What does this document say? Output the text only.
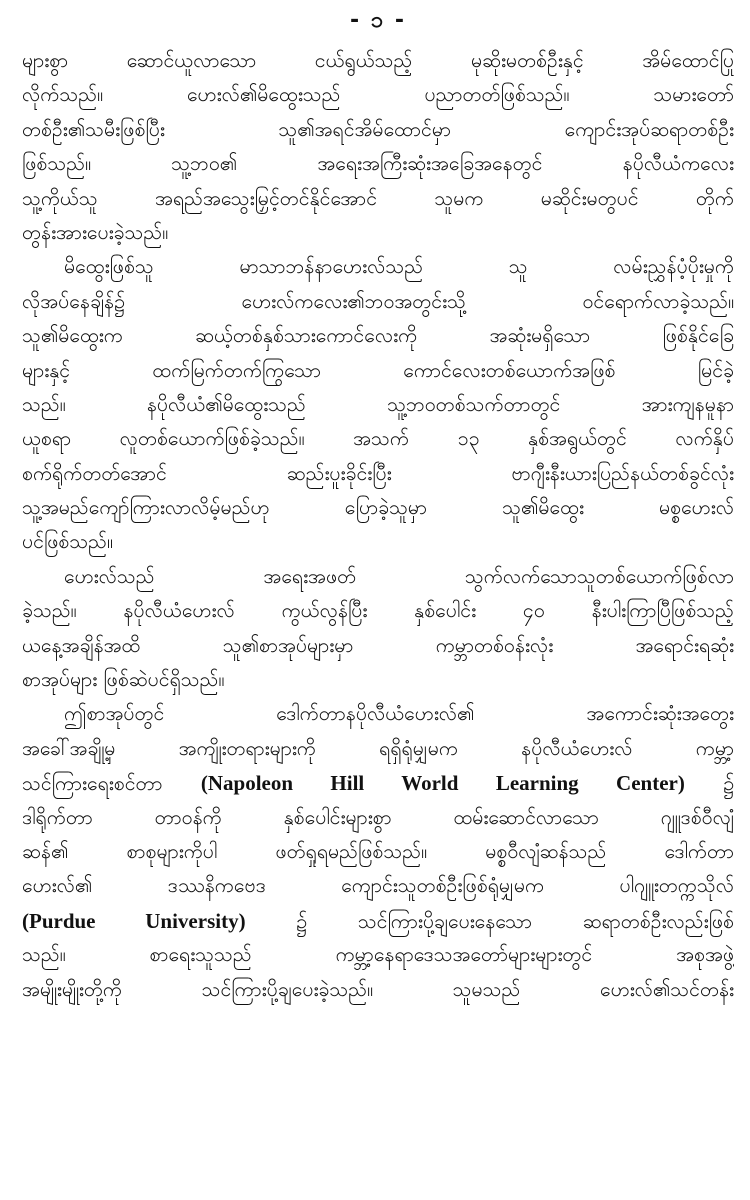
- ၁ -
များစွာ ဆောင်ယူလာသော ငယ်ရွယ်သည့် မုဆိုးမတစ်ဦးနှင့် အိမ်ထောင်ပြု
လိုက်သည်။ ဟေးလ်၏မိထွေးသည် ပညာတတ်ဖြစ်သည်။ သမားတော်
တစ်ဦး၏သမီးဖြစ်ပြီး သူ၏အရင်အိမ်ထောင်မှာ ကျောင်းအုပ်ဆရာတစ်ဦး
ဖြစ်သည်။ သူ့ဘဝ၏ အရေးအကြီးဆုံးအခြေအနေတွင် နပိုလီယံကလေး
သူ့ကိုယ်သူ အရည်အသွေးမြှင့်တင်နိုင်အောင် သူမက မဆိုင်းမတွပင် တိုက်
တွန်းအားပေးခဲ့သည်။
မိထွေးဖြစ်သူ မာသာဘန်နာဟေးလ်သည် သူ လမ်းညွှန်ပံ့ပိုးမှုကို
လိုအပ်နေချိန်၌ ဟေးလ်ကလေး၏ဘဝအတွင်းသို့ ဝင်ရောက်လာခဲ့သည်။
သူ၏မိထွေးက ဆယ့်တစ်နှစ်သားကောင်လေးကို အဆုံးမရှိသော ဖြစ်နိုင်ခြေ
များနှင့် ထက်မြက်တက်ကြွသော ကောင်လေးတစ်ယောက်အဖြစ် မြင်ခဲ့
သည်။ နပိုလီယံ၏မိထွေးသည် သူ့ဘဝတစ်သက်တာတွင် အားကျနမူနာ
ယူစရာ လူတစ်ယောက်ဖြစ်ခဲ့သည်။ အသက် ၁၃ နှစ်အရွယ်တွင် လက်နှိပ်
စက်ရိုက်တတ်အောင် ဆည်းပူးခိုင်းပြီး ဗာဂျီးနီးယားပြည်နယ်တစ်ခွင်လုံး
သူ့အမည်ကျော်ကြားလာလိမ့်မည်ဟု ပြောခဲ့သူမှာ သူ၏မိထွေး မစ္စဟေးလ်
ပင်ဖြစ်သည်။
ဟေးလ်သည် အရေးအဖတ် သွက်လက်သောသူတစ်ယောက်ဖြစ်လာ
ခဲ့သည်။ နပိုလီယံဟေးလ် ကွယ်လွန်ပြီး နှစ်ပေါင်း ၄၀ နီးပါးကြာပြီဖြစ်သည့်
ယနေ့အချိန်အထိ သူ၏စာအုပ်များမှာ ကမ္ဘာတစ်ဝန်းလုံး အရောင်းရဆုံး
စာအုပ်များ ဖြစ်ဆဲပင်ရှိသည်။
ဤစာအုပ်တွင် ဒေါက်တာနပိုလီယံဟေးလ်၏ အကောင်းဆုံးအတွေး
အခေါ်အချို့မှ အကျိုးတရားများကို ရရှိရုံမျှမက နပိုလီယံဟေးလ် ကမ္ဘာ့
သင်ကြားရေးစင်တာ (Napoleon Hill World Learning Center) ၌
ဒါရိုက်တာ တာဝန်ကို နှစ်ပေါင်းများစွာ ထမ်းဆောင်လာသော ဂျူဒစ်ဝီလျံ
ဆန်၏ စာစုများကိုပါ ဖတ်ရှုရမည်ဖြစ်သည်။ မစ္စဝီလျံဆန်သည် ဒေါက်တာ
ဟေးလ်၏ ဒဿနိကဗေဒ ကျောင်းသူတစ်ဦးဖြစ်ရုံမျှမက ပါဂျူးတက္ကသိုလ်
(Purdue University)	၌ သင်ကြားပို့ချပေးနေသော ဆရာတစ်ဦးလည်းဖြစ်
သည်။ စာရေးသူသည် ကမ္ဘာ့နေရာဒေသအတော်များများတွင် အစုအဖွဲ့
အမျိုးမျိုးတို့ကို သင်ကြားပို့ချပေးခဲ့သည်။ သူမသည် ဟေးလ်၏သင်တန်း
